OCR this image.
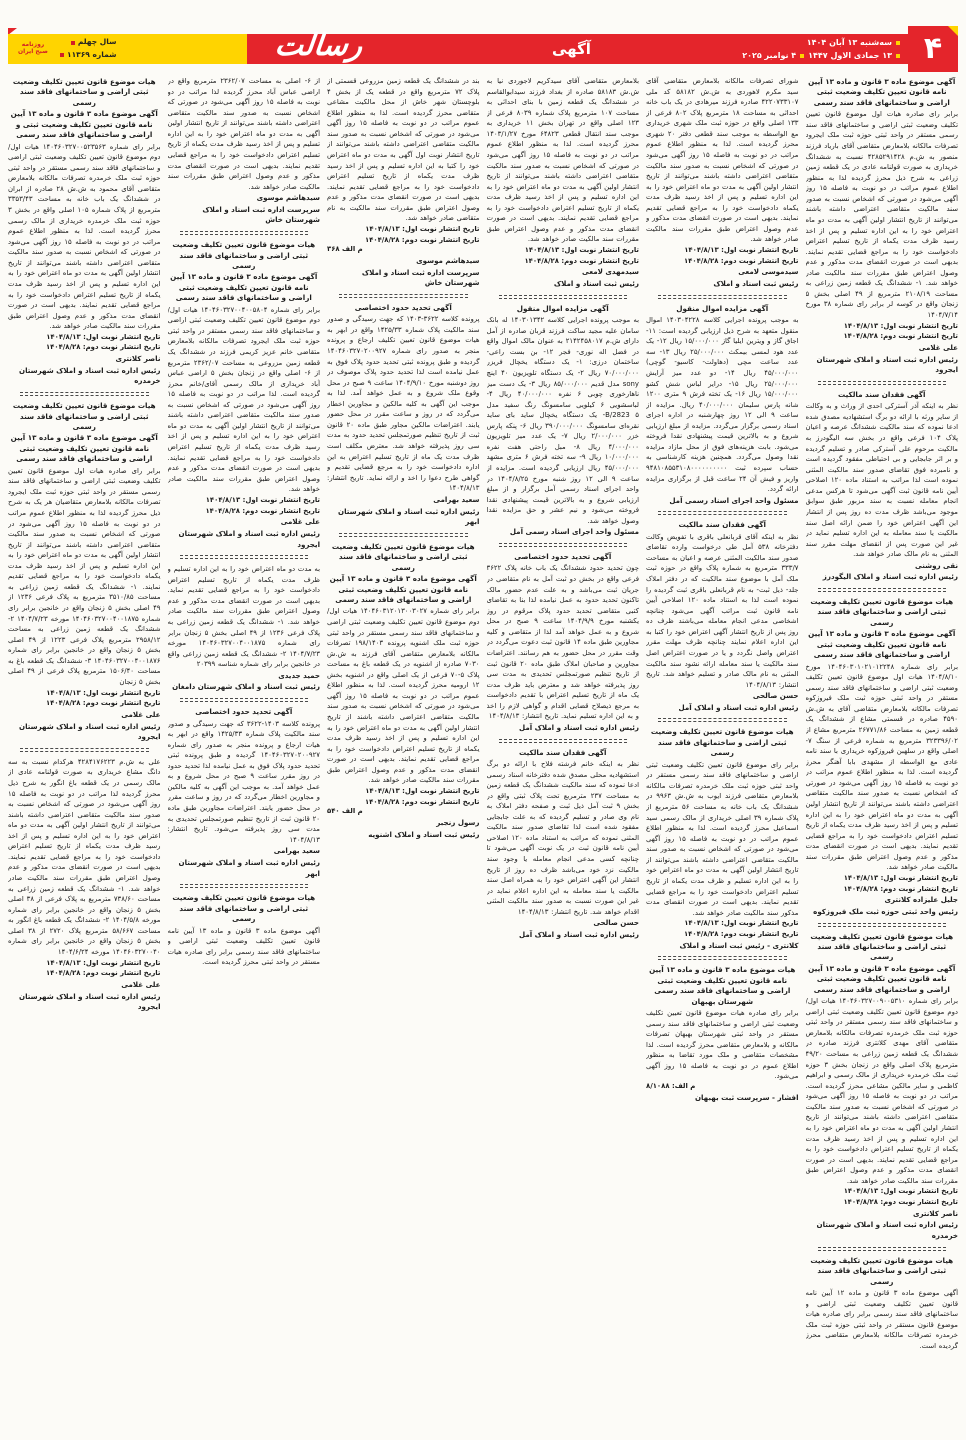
روزنامه صبح ایران
سال چهلم
شماره ۱۱۳۶۹	رسالت	آگهی	سه‌شنبه ۱۳ آبان ۱۴۰۴
۱۳ جمادی الاول ۱۴۴۷
۴ نوامبر ۲۰۲۵	۴
آگهی موضوع ماده ۳ قانون و ماده ۱۳ آیین نامه قانون تعیین تکلیف وضعیت ثبتی اراضی و ساختمانهای فاقد سند رسمی
برابر رای صادره هیات اول موضوع قانون تعیین تکلیف وضعیت ثبتی اراضی و ساختمانهای فاقد سند رسمی مستقر در واحد ثبتی حوزه ثبت ملک ایجرود تصرفات مالکانه بلامعارض متقاضی آقای باریاد فرزند منصور به ش.م ۴۲۸۵۲۹۱۴۲۸ نسبت به ششدانگ خریداری به صورت قولنامه عادی در یک قطعه زمین زراعی به شرح ذیل محرز گردیده لذا به منظور اطلاع عموم مراتب در دو نوبت به فاصله ۱۵ روز آگهی می‌شود در صورتی که اشخاص نسبت به صدور سند مالکیت متقاضی اعتراضی داشته باشند می‌توانند از تاریخ انتشار اولین آگهی به مدت دو ماه اعتراض خود را به این اداره تسلیم و پس از اخذ رسید ظرف مدت یکماه از تاریخ تسلیم اعتراض دادخواست خود را به مراجع قضایی تقدیم نمایند. بدیهی است در صورت انقضای مدت مذکور و عدم وصول اعتراض طبق مقررات سند مالکیت صادر خواهد شد. ۱- ششدانگ یک قطعه زمین زراعی به مساحت ۲۱۰۸/۱۹ مترمربع از ۴۹ اصلی بخش ۵ زنجان واقع در کوسه لر برابر رای شماره ۳۸ مورخ ۱۴۰۴/۷/۱۴
تاریخ انتشار نوبت اول: ۱۴۰۴/۸/۱۳
تاریخ انتشار نوبت دوم: ۱۴۰۴/۸/۲۸
علی غلامی
رئیس اداره ثبت اسناد و املاک شهرستان ایجرود
آگهی فقدان سند مالکیت
نظر به اینکه آذر آسترکی احدی از وراث و به وکالت از سایر ورثه با ارائه دو برگ استشهادیه مصدق شده ادعا نموده که سند مالکیت ششدانگ عرصه و اعیان پلاک ۱۰۴ فرعی واقع در بخش سه الیگودرز به مالکیت مرحوم علی آسترکی صادر و تسلیم گردیده و بر اثر جابجایی و بی احتیاطی مفقود گردیده است و نامبرده فوق تقاضای صدور سند مالکیت المثنی نموده است لذا مراتب به استناد ماده ۱۲۰ اصلاحی آیین نامه قانون ثبت آگهی می‌شود تا هرکس مدعی انجام معامله نسبت به سند مزبور طبق سوابق موجود می‌باشد ظرف مدت ده روز پس از انتشار این آگهی اعتراض خود را ضمن ارائه اصل سند مالکیت یا سند معامله به این اداره تسلیم نماید در غیر این صورت پس از انقضای مهلت مقرر سند المثنی به نام مالک صادر خواهد شد.
نقی روشنی
رئیس اداره ثبت اسناد و املاک الیگودرز
هیات موضوع قانون تعیین تکلیف وضعیت ثبتی اراضی و ساختمانهای فاقد سند رسمی
آگهی موضوع ماده ۳ قانون و ماده ۱۳ آیین نامه قانون تعیین تکلیف وضعیت ثبتی اراضی و ساختمانهای فاقد سند رسمی
برابر رای شماره ۱۴۰۴۶۰۳۰۱۰۲۱۰۱۲۲۴۸ مورخ ۱۴۰۴/۸/۱۰ هیات اول موضوع قانون تعیین تکلیف وضعیت ثبتی اراضی و ساختمانهای فاقد سند رسمی مستقر در واحد ثبتی حوزه ثبت ملک فیروزکوه تصرفات مالکانه بلامعارض متقاضی آقای به ش.ش ۴۵۹۰ صادره در قسمتی مشاع از ششدانگ یک قطعه زمین به مساحت ۲۶۷۷۱/۸۶ مترمربع مشاع از ۳۲۳۳۹۶/۰۲ مترمربع به شماره فرعی از سنگ ۷- اصلی واقع در سلهبن فیروزکوه خریداری با سند نامه عادی مع الواسطه از مشهدی بابا آهنگر محرز گردیده است. لذا به منظور اطلاع عموم مراتب در دو نوبت به فاصله ۱۵ روز آگهی می‌شود در صورتی که اشخاص نسبت به صدور سند مالکیت متقاضی اعتراضی داشته باشند می‌توانند از تاریخ انتشار اولین آگهی به مدت دو ماه اعتراض خود را به این اداره تسلیم و پس از اخذ رسید ظرف مدت یکماه از تاریخ تسلیم اعتراض دادخواست خود را به مراجع قضایی تقدیم نمایند. بدیهی است در صورت انقضای مدت مذکور و عدم وصول اعتراض طبق مقررات سند مالکیت صادر خواهد شد.
تاریخ انتشار نوبت اول: ۱۴۰۴/۸/۱۳
تاریخ انتشار نوبت دوم: ۱۴۰۴/۸/۲۸
جلیل علیزاده کلانتری
رئیس واحد ثبتی حوزه ثبت ملک فیروزکوه
هیات موضوع قانون تعیین تکلیف وضعیت ثبتی اراضی و ساختمانهای فاقد سند رسمی
آگهی موضوع ماده ۳ قانون و ماده ۱۳ آیین نامه قانون تعیین تکلیف وضعیت ثبتی اراضی و ساختمانهای فاقد سند رسمی
برابر رای شماره ۱۴۰۴۶۰۳۲۷۰۰۹۰۰۵۳۱۰ هیات اول/دوم موضوع قانون تعیین تکلیف وضعیت ثبتی اراضی و ساختمانهای فاقد سند رسمی مستقر در واحد ثبتی حوزه ثبت ملک خرمدره تصرفات مالکانه بلامعارض متقاضی آقای مهدی کلانتری فرزند صادره در ششدانگ یک قطعه زمین زراعی به مساحت ۴۹/۲۰ مترمربع پلاک اصلی واقع در زنجان بخش ۳ حوزه ثبت ملک خرمدره خریداری از مالک رسمی و ابراهیم کاظمی و سایر مالکین مشاعی محرز گردیده است. مراتب در دو نوبت به فاصله ۱۵ روز آگهی می‌شود در صورتی که اشخاص نسبت به صدور سند مالکیت متقاضی اعتراضی داشته باشند می‌توانند از تاریخ انتشار اولین آگهی به مدت دو ماه اعتراض خود را به این اداره تسلیم و پس از اخذ رسید ظرف مدت یکماه از تاریخ تسلیم اعتراض دادخواست خود را به مراجع قضایی تقدیم نمایند. بدیهی است در صورت انقضای مدت مذکور و عدم وصول اعتراض طبق مقررات سند مالکیت صادر خواهد شد.
تاریخ انتشار نوبت اول: ۱۴۰۴/۸/۱۳
تاریخ انتشار نوبت دوم: ۱۴۰۴/۸/۲۸
ناصر کلانتری
رئیس اداره ثبت اسناد و املاک شهرستان خرمدره
هیات موضوع قانون تعیین تکلیف وضعیت ثبتی اراضی و ساختمانهای فاقد سند رسمی
آگهی موضوع ماده ۳ قانون و ماده ۱۲ آیین نامه قانون تعیین تکلیف وضعیت ثبتی اراضی و ساختمانهای فاقد سند رسمی برابر رای صادره هیات موضوع قانون مستقر در واحد ثبتی حوزه ثبت ملک خرمدره تصرفات مالکانه بلامعارض متقاضی محرز گردیده است.
شورای تصرفات مالکانه بلامعارض متقاضی آقای سید مکرم لاهوردی به ش.ش ۵۸۱۸۲ کد ملی ۴۲۲۰۷۳۳۱۰۷ صادره فرزند میرهادی در یک باب خانه احداثی به مساحت ۱۸ مترمربع پلاک ۸۰۲ فرعی از ۱۳۳ اصلی واقع در حوزه ثبت ملک شهری خریداری مع الواسطه به موجب سند قطعی دفتر ۲۰ شهری محرز گردیده است. لذا به منظور اطلاع عموم مراتب در دو نوبت به فاصله ۱۵ روز آگهی می‌شود در صورتی که اشخاص نسبت به صدور سند مالکیت متقاضی اعتراضی داشته باشند می‌توانند از تاریخ انتشار اولین آگهی به مدت دو ماه اعتراض خود را به این اداره تسلیم و پس از اخذ رسید ظرف مدت یکماه دادخواست خود را به مراجع قضایی تقدیم نمایند. بدیهی است در صورت انقضای مدت مذکور و عدم وصول اعتراض طبق مقررات سند مالکیت صادر خواهد شد.
تاریخ انتشار نوبت اول: ۱۴۰۴/۸/۱۳
تاریخ انتشار نوبت دوم: ۱۴۰۴/۸/۲۸
سیدموسی لامعی
رئیس ثبت اسناد و املاک
آگهی مزایده اموال منقول
به موجب پرونده اجرایی کلاسه ۱۴۰۳۰۴۲۲۸ اموال منقول متعهد به شرح ذیل ارزیابی گردیده است: ۱۱- اجاق گاز و ویترین ایلیا گاز ۱۵/۰۰۰/۰۰۰ ریال ۱۲- یک عدد هود لمسی بیمکث ۲۵/۰۰۰/۰۰۰ ریال ۱۳- سه عدد ساعت مچی (دهاولت- کاسیو- گوچی) ۴۵/۰۰۰/۰۰۰ ریال ۱۴- دو عدد میز آرایش ۲۵/۰۰۰/۰۰۰ ریال ۱۵- درایر لباس شش کشو ۱۵/۰۰۰/۰۰۰ ریال ۱۶- یک تخته فرش ۹ متری ۱۲۰۰ شانه پارس سلیمان ۴۰/۰۰۰/۰۰۰ ریال. مزایده از ساعت ۹ الی ۱۲ روز چهارشنبه در اداره اجرای اسناد رسمی برگزار می‌گردد. مزایده از مبلغ ارزیابی شروع و به بالاترین قیمت پیشنهادی نقدا فروخته می‌شود. بابت هزینه‌های فوق از محل مازاد مزایده نقدا وصول می‌گردد. همچنین هزینه کارشناسی به حساب سپرده ثبت ۹۴۸۱۰۸۵۵۳۱۰۸۰۰۰۰۰۰۰۰۰۰ واریز و فیش آن ۲۴ ساعت قبل از برگزاری مزایده ارائه گردد.
مسئول واحد اجرای اسناد رسمی آمل
آگهی فقدان سند مالکیت
نظر به اینکه آقای قربانعلی باقری با تفویض وکالت دفترخانه ۵۳۸ آمل طی درخواست وارده تقاضای صدور سند مالکیت المثنی عرصه و اعیان به مساحت ۳۳۳/۷ مترمربع به شماره پلاک واقع در حوزه ثبت ملک آمل با موضوع سند مالکیت که در دفتر املاک جلد- ذیل ثبت- به نام قربانعلی باقری ثبت گردیده را نموده است لذا به استناد ماده ۱۲۰ اصلاحی آیین نامه قانون ثبت مراتب آگهی می‌شود چنانچه اشخاصی مدعی انجام معامله می‌باشند ظرف ده روز پس از تاریخ انتشار آگهی اعتراض خود را کتبا به این اداره اعلام نمایند چنانچه ظرف مهلت مقرر اعتراض واصل نگردد و یا در صورت اعتراض اصل سند مالکیت یا سند معامله ارائه نشود سند مالکیت المثنی به نام مالک صادر و تسلیم خواهد شد. تاریخ انتشار: ۱۴۰۴/۸/۱۳
حسن صالحی
رئیس اداره ثبت اسناد و املاک آمل
هیات موضوع قانون تعیین تکلیف وضعیت ثبتی اراضی و ساختمانهای فاقد سند رسمی
برابر رای موضوع قانون تعیین تکلیف وضعیت ثبتی اراضی و ساختمانهای فاقد سند رسمی مستقر در واحد ثبتی حوزه ثبت ملک خرمدره تصرفات مالکانه بلامعارض متقاضی فرزند ایوب به ش.ش ۹۹۶۳ در ششدانگ یک باب خانه به مساحت ۵۶ مترمربع از پلاک شماره ۳۹ اصلی خریداری از مالک رسمی سید اسماعیل محرز گردیده است. لذا به منظور اطلاع عموم مراتب در دو نوبت به فاصله ۱۵ روز آگهی می‌شود در صورتی که اشخاص نسبت به صدور سند مالکیت متقاضی اعتراضی داشته باشند می‌توانند از تاریخ انتشار اولین آگهی به مدت دو ماه اعتراض خود را به این اداره تسلیم و ظرف مدت یکماه از تاریخ تسلیم اعتراض دادخواست خود را به مراجع قضایی تقدیم نمایند. بدیهی است در صورت انقضای مدت مذکور سند مالکیت صادر خواهد شد.
تاریخ انتشار نوبت اول: ۱۴۰۴/۸/۱۳
تاریخ انتشار نوبت دوم: ۱۴۰۴/۸/۲۸
کلانتری - رئیس ثبت اسناد و املاک
هیات موضوع ماده ۳ قانون و ماده ۱۳ آیین نامه قانون تعیین تکلیف وضعیت ثبتی اراضی و ساختمانهای فاقد سند رسمی شهرستان بهبهان
برابر رای صادره هیات موضوع قانون تعیین تکلیف وضعیت ثبتی اراضی و ساختمانهای فاقد سند رسمی مستقر در واحد ثبتی شهرستان بهبهان تصرفات مالکانه و بلامعارض متقاضی محرز گردیده است. لذا مشخصات متقاضی و ملک مورد تقاضا به منظور اطلاع عموم در دو نوبت به فاصله ۱۵ روز آگهی می‌شود.
م الف: ۸/۱۰۸۸
افشار - سرپرست ثبت بهبهان
بلامعارض متقاضی آقای سیدکریم لاجوردی نیا به ش.ش ۵۸۱۸۳ صادره از بغداد فرزند سیدابوالقاسم در ششدانگ یک قطعه زمین با بنای احداثی به مساحت ۱۰۷ مترمربع پلاک شماره ۸۰۳۹ فرعی از ۱۲۳ اصلی واقع در تهران بخش ۱۱ خریداری به موجب سند انتقال قطعی ۶۴۸۲۳ مورخ ۱۴۰۳/۱/۲۷ محرز گردیده است. لذا به منظور اطلاع عموم مراتب در دو نوبت به فاصله ۱۵ روز آگهی می‌شود در صورتی که اشخاص نسبت به صدور سند مالکیت متقاضی اعتراضی داشته باشند می‌توانند از تاریخ انتشار اولین آگهی به مدت دو ماه اعتراض خود را به این اداره تسلیم و پس از اخذ رسید ظرف مدت یکماه از تاریخ تسلیم اعتراض دادخواست خود را به مراجع قضایی تقدیم نمایند. بدیهی است در صورت انقضای مدت مذکور و عدم وصول اعتراض طبق مقررات سند مالکیت صادر خواهد شد.
تاریخ انتشار نوبت اول: ۱۴۰۴/۸/۱۳
تاریخ انتشار نوبت دوم: ۱۴۰۴/۸/۲۸
سیدمهدی لامعی
رئیس ثبت اسناد و املاک
آگهی مزایده اموال منقول
به موجب پرونده اجرایی کلاسه ۱۴۰۳۰۱۳۴۲ له بانک سامان علیه مجید ساکت فرزند قربان صادره از آمل دارای ش.م ۲۱۴۲۴۵۸۰۱۷ به عنوان مالک اموال واقع در فضل اله نوری- فجر ۱۲- بن بست راعی- ساختمان درزی: ۱- یک دستگاه یخچال فریزر ۷۰/۰۰۰/۰۰۰ ریال ۲- یک دستگاه تلویزیون ۴۰ اینچ sony مدل قدیم ۸۵/۰۰۰/۰۰۰ ریال ۳- یک دست میز ناهارخوری چوبی ۶ نفره ۴۰/۰۰۰/۰۰۰ ریال ۴- لباسشویی ۶ کیلویی سامسونگ رنگ سفید مدل B/2823 ۵- یک دستگاه یخچال ساید بای ساید نقره‌ای سامسونگ ۳۹۰/۰۰۰/۰۰۰ ریال ۶- پنکه پارس خزر ۲/۰۰۰/۰۰۰ ریال ۷- یک عدد میز تلویزیون ۴/۰۰۰/۰۰۰ ریال ۸- مبل راحتی هفت نفره ۱۰/۰۰۰/۰۰۰ ریال ۹- سه تخته فرش ۶ متری مشهد ۴۵/۰۰۰/۰۰۰ ریال ارزیابی گردیده است. مزایده از ساعت ۹ الی ۱۲ روز شنبه مورخ ۱۴۰۴/۸/۲۵ در واحد اجرای اسناد رسمی آمل برگزار و از مبلغ ارزیابی شروع و به بالاترین قیمت پیشنهادی نقدا فروخته می‌شود و نیم عشر و حق مزایده نقدا وصول خواهد شد.
مسئول واحد اجرای اسناد رسمی آمل
آگهی تحدید حدود اختصاصی
چون تحدید حدود ششدانگ یک باب خانه پلاک ۳۶۲۲ فرعی واقع در بخش دو ثبت آمل به نام متقاضی در جریان ثبت می‌باشد و به علت عدم حضور مالک تاکنون تحدید حدود به عمل نیامده لذا بنا به تقاضای کتبی متقاضی تحدید حدود پلاک مرقوم در روز یکشنبه مورخ ۱۴۰۴/۹/۹ ساعت ۹ صبح در محل شروع و به عمل خواهد آمد لذا از متقاضی و کلیه مجاورین طبق ماده ۱۴ قانون ثبت دعوت می‌گردد در وقت مقرر در محل حضور به هم رسانند. اعتراضات مجاورین و صاحبان املاک طبق ماده ۲۰ قانون ثبت از تاریخ تنظیم صورتمجلس تحدیدی به مدت سی روز پذیرفته خواهد شد و معترض باید ظرف مدت یک ماه از تاریخ تسلیم اعتراض با تقدیم دادخواست به مرجع ذیصلاح قضایی اقدام و گواهی لازم را اخذ و به این اداره تسلیم نماید. تاریخ انتشار: ۱۴۰۴/۸/۱۳
رئیس اداره ثبت اسناد و املاک آمل
آگهی فقدان سند مالکیت
نظر به اینکه خانم فرشته فلاح با ارائه دو برگ استشهادیه محلی مصدق شده دفترخانه اسناد رسمی ادعا نموده که سند مالکیت ششدانگ یک قطعه زمین به مساحت ۲۳۷ مترمربع تحت پلاک ثبتی واقع در بخش ۹ ثبت آمل ذیل ثبت و صفحه دفتر املاک به نام وی صادر و تسلیم گردیده که به علت جابجایی مفقود شده است لذا تقاضای صدور سند مالکیت المثنی نموده که مراتب به استناد ماده ۱۲۰ اصلاحی آیین نامه قانون ثبت در یک نوبت آگهی می‌شود تا چنانچه کسی مدعی انجام معامله یا وجود سند مالکیت نزد خود می‌باشد ظرف ده روز از تاریخ انتشار این آگهی اعتراض خود را به همراه اصل سند مالکیت یا سند معامله به این اداره اعلام نماید در غیر این صورت نسبت به صدور سند مالکیت المثنی اقدام خواهد شد. تاریخ انتشار: ۱۴۰۴/۸/۱۳
حسن صالحی
رئیس اداره ثبت اسناد و املاک آمل
بند در ششدانگ یک قطعه زمین مزروعی قسمتی از پلاک ۷۲ مترمربع واقع در قطعه یک از بخش ۴ بلوچستان شهر خاش از محل مالکیت مشاعی متقاضی محرز گردیده است. لذا به منظور اطلاع عموم مراتب در دو نوبت به فاصله ۱۵ روز آگهی می‌شود در صورتی که اشخاص نسبت به صدور سند مالکیت متقاضی اعتراضی داشته باشند می‌توانند از تاریخ انتشار نوبت اول آگهی به مدت دو ماه اعتراض خود را کتبا به این اداره تسلیم و پس از اخذ رسید ظرف مدت یکماه از تاریخ تسلیم اعتراض دادخواست خود را به مراجع قضایی تقدیم نمایند. بدیهی است در صورت انقضای مدت مذکور و عدم وصول اعتراض طبق مقررات سند مالکیت به نام متقاضی صادر خواهد شد.
تاریخ انتشار نوبت اول: ۱۴۰۴/۸/۱۳
تاریخ انتشار نوبت دوم: ۱۴۰۴/۸/۲۸
م الف ۳۶۸
سیدهاشم موسوی
سرپرست اداره ثبت اسناد و املاک شهرستان خاش
آگهی تحدید حدود اختصاصی
پرونده کلاسه ۳۶۲۲-۱۴۰۳ که جهت رسیدگی و صدور سند مالکیت پلاک شماره ۱۴۲۵/۳۳ واقع در ابهر به هیات موضوع قانون تعیین تکلیف ارجاع و پرونده منجر به صدور رای شماره ۱۴۰۴۶۰۳۲۷۰۲۰۰۹۲۷ گردیده و طبق پرونده ثبتی تحدید حدود پلاک فوق به عمل نیامده است لذا تحدید حدود پلاک موصوف در روز دوشنبه مورخ ۱۴۰۴/۹/۱۰ ساعت ۹ صبح در محل وقوع ملک شروع و به عمل خواهد آمد. لذا به موجب این آگهی به کلیه مالکین و مجاورین اخطار می‌گردد که در روز و ساعت مقرر در محل حضور یابند. اعتراضات مالکین مجاور طبق ماده ۲۰ قانون ثبت از تاریخ تنظیم صورتمجلس تحدید حدود به مدت سی روز پذیرفته خواهد شد. معترض مکلف است ظرف مدت یک ماه از تاریخ تسلیم اعتراض به این اداره دادخواست خود را به مرجع قضایی تقدیم و گواهی طرح دعوا را اخذ و ارائه نماید. تاریخ انتشار: ۱۴۰۴/۸/۱۳
سعید بهرامی
رئیس اداره ثبت اسناد و املاک شهرستان ابهر
هیات موضوع قانون تعیین تکلیف وضعیت ثبتی اراضی و ساختمانهای فاقد سند رسمی
آگهی موضوع ماده ۳ قانون و ماده ۱۳ آیین نامه قانون تعیین تکلیف وضعیت ثبتی اراضی و ساختمانهای فاقد سند رسمی
برابر رای شماره ۱۴۰۴۶۰۳۱۲۰۱۳۰۰۳۰۲۷ هیات اول/دوم موضوع قانون تعیین تکلیف وضعیت ثبتی اراضی و ساختمانهای فاقد سند رسمی مستقر در واحد ثبتی حوزه ثبت ملک اشنویه پرونده ۱۹۸/۱۴۰۳ تصرفات مالکانه بلامعارض متقاضی آقای فرزند به ش.ش ۷۰۳۰ صادره از اشنویه در یک قطعه باغ به مساحت پلاک ۵-۷۰ فرعی از یک اصلی واقع در اشنویه بخش ۱۲ ارومیه محرز گردیده است. لذا به منظور اطلاع عموم مراتب در دو نوبت به فاصله ۱۵ روز آگهی می‌شود در صورتی که اشخاص نسبت به صدور سند مالکیت متقاضی اعتراضی داشته باشند از تاریخ انتشار اولین آگهی به مدت دو ماه اعتراض خود را به این اداره تسلیم و پس از اخذ رسید ظرف مدت یکماه از تاریخ تسلیم اعتراض دادخواست خود را به مراجع قضایی تقدیم نمایند. بدیهی است در صورت انقضای مدت مذکور و عدم وصول اعتراض طبق مقررات سند مالکیت صادر خواهد شد.
تاریخ انتشار نوبت اول: ۱۴۰۴/۸/۱۳
تاریخ انتشار نوبت دوم: ۱۴۰۴/۸/۲۸
م الف ۵۴۰
رسول رنجبر
رئیس ثبت اسناد و املاک اشنویه
از ۶- اصلی به مساحت ۲۳۶۲/۰۷ مترمربع واقع در اراضی عباس آباد محرز گردیده لذا مراتب در دو نوبت به فاصله ۱۵ روز آگهی می‌شود در صورتی که اشخاص نسبت به صدور سند مالکیت متقاضی اعتراضی داشته باشند می‌توانند از تاریخ انتشار اولین آگهی به مدت دو ماه اعتراض خود را به این اداره تسلیم و پس از اخذ رسید ظرف مدت یکماه از تاریخ تسلیم اعتراض دادخواست خود را به مراجع قضایی تقدیم نمایند. بدیهی است در صورت انقضای مدت مذکور و عدم وصول اعتراض طبق مقررات سند مالکیت صادر خواهد شد.
سیدهاشم موسوی
سرپرست اداره ثبت اسناد و املاک شهرستان خاش
هیات موضوع قانون تعیین تکلیف وضعیت ثبتی اراضی و ساختمانهای فاقد سند رسمی
آگهی موضوع ماده ۳ قانون و ماده ۱۳ آیین نامه قانون تعیین تکلیف وضعیت ثبتی اراضی و ساختمانهای فاقد سند رسمی
برابر رای شماره ۱۴۰۴۶۰۳۲۷۰۰۴۰۰۵۸۰۴ هیات اول/دوم موضوع قانون تعیین تکلیف وضعیت ثبتی اراضی و ساختمانهای فاقد سند رسمی مستقر در واحد ثبتی حوزه ثبت ملک ایجرود تصرفات مالکانه بلامعارض متقاضی خانم عزیز کریمی فرزند در ششدانگ یک قطعه زمین مزروعی به مساحت ۲۳۶۲/۰۷ مترمربع از ۶- اصلی واقع در زنجان بخش ۵ اراضی عباس آباد خریداری از مالک رسمی آقای/خانم محرز گردیده است. لذا مراتب در دو نوبت به فاصله ۱۵ روز آگهی می‌شود در صورتی که اشخاص نسبت به صدور سند مالکیت متقاضی اعتراضی داشته باشند می‌توانند از تاریخ انتشار اولین آگهی به مدت دو ماه اعتراض خود را به این اداره تسلیم و پس از اخذ رسید ظرف مدت یکماه از تاریخ تسلیم اعتراض دادخواست خود را به مراجع قضایی تقدیم نمایند. بدیهی است در صورت انقضای مدت مذکور و عدم وصول اعتراض طبق مقررات سند مالکیت صادر خواهد شد.
تاریخ انتشار نوبت اول: ۱۴۰۴/۸/۱۳
تاریخ انتشار نوبت دوم: ۱۴۰۴/۸/۲۸
علی غلامی
رئیس اداره ثبت اسناد و املاک شهرستان ایجرود
به مدت دو ماه اعتراض خود را به این اداره تسلیم و ظرف مدت یکماه از تاریخ تسلیم اعتراض دادخواست خود را به مراجع قضایی تقدیم نماید. بدیهی است در صورت انقضای مدت مذکور و عدم وصول اعتراض طبق مقررات سند مالکیت صادر خواهد شد. ۱- ششدانگ یک قطعه زمین زراعی به پلاک فرعی ۱۲۳۶ از ۴۹ اصلی بخش ۵ زنجان برابر رای شماره ۱۴۰۴۶۰۳۲۷۰۰۴۰۰۱۸۷۵ مورخه ۱۴۰۴/۷/۲۳ ۲- ششدانگ یک قطعه زمین زراعی واقع در خانجین برابر رای شماره شناسه ۲۰۳۹۹
حمید جدیدی
رئیس ثبت اسناد و املاک شهرستان دامغان
آگهی تحدید حدود اختصاصی
پرونده کلاسه ۱۴۰۳-۳۶۲۲ که جهت رسیدگی و صدور سند مالکیت پلاک شماره ۱۴۲۵/۳۳ واقع در ابهر به هیات ارجاع و پرونده منجر به صدور رای شماره ۱۴۰۴۶۰۳۲۷۰۲۰۰۹۲۷ گردیده و طبق پرونده ثبتی تحدید حدود پلاک فوق به عمل نیامده لذا تحدید حدود در روز مقرر ساعت ۹ صبح در محل شروع و به عمل خواهد آمد. به موجب این آگهی به کلیه مالکین و مجاورین اخطار می‌گردد که در روز و ساعت مقرر در محل حضور یابند. اعتراضات مجاورین طبق ماده ۲۰ قانون ثبت از تاریخ تنظیم صورتمجلس تحدیدی به مدت سی روز پذیرفته می‌شود. تاریخ انتشار: ۱۴۰۴/۸/۱۳
سعید بهرامی
رئیس اداره ثبت اسناد و املاک شهرستان ابهر
هیات موضوع قانون تعیین تکلیف وضعیت ثبتی اراضی و ساختمانهای فاقد سند رسمی
آگهی موضوع ماده ۳ قانون و ماده ۱۳ آیین نامه قانون تعیین تکلیف وضعیت ثبتی اراضی و ساختمانهای فاقد سند رسمی برابر رای صادره هیات مستقر در واحد ثبتی محرز گردیده است.
هیات موضوع قانون تعیین تکلیف وضعیت ثبتی اراضی و ساختمانهای فاقد سند رسمی
آگهی موضوع ماده ۳ قانون و ماده ۱۳ آیین نامه قانون تعیین تکلیف وضعیت ثبتی و اراضی و ساختمانهای فاقد سند رسمی
برابر رای شماره ۱۴۰۴۶۰۳۲۷۰۰۵۲۳۵۶۳ هیات اول/دوم موضوع قانون تعیین تکلیف وضعیت ثبتی اراضی و ساختمانهای فاقد سند رسمی مستقر در واحد ثبتی حوزه ثبت ملک خرمدره تصرفات مالکانه بلامعارض متقاضی آقای محمود به ش.ش ۲۸ صادره از ابران در ششدانگ یک باب خانه به مساحت ۳۳۵۳/۴۳ مترمربع از پلاک شماره ۱۰۵ اصلی واقع در بخش ۳ حوزه ثبت ملک خرمدره خریداری از مالک رسمی محرز گردیده است. لذا به منظور اطلاع عموم مراتب در دو نوبت به فاصله ۱۵ روز آگهی می‌شود در صورتی که اشخاص نسبت به صدور سند مالکیت متقاضی اعتراضی داشته باشند می‌توانند از تاریخ انتشار اولین آگهی به مدت دو ماه اعتراض خود را به این اداره تسلیم و پس از اخذ رسید ظرف مدت یکماه از تاریخ تسلیم اعتراض دادخواست خود را به مراجع قضایی تقدیم نمایند. بدیهی است در صورت انقضای مدت مذکور و عدم وصول اعتراض طبق مقررات سند مالکیت صادر خواهد شد.
تاریخ انتشار نوبت اول: ۱۴۰۴/۸/۱۳
تاریخ انتشار نوبت دوم: ۱۴۰۴/۸/۲۸
ناصر کلانتری
رئیس اداره ثبت اسناد و املاک شهرستان خرمدره
هیات موضوع قانون تعیین تکلیف وضعیت ثبتی اراضی و ساختمانهای فاقد سند رسمی
آگهی موضوع ماده ۳ قانون و ماده ۱۳ آیین نامه قانون تعیین تکلیف وضعیت ثبتی اراضی و ساختمانهای فاقد سند رسمی
برابر رای صادره هیات اول موضوع قانون تعیین تکلیف وضعیت ثبتی اراضی و ساختمانهای فاقد سند رسمی مستقر در واحد ثبتی حوزه ثبت ملک ایجرود تصرفات مالکانه بلامعارض متقاضیان هر یک به شرح ذیل محرز گردیده لذا به منظور اطلاع عموم مراتب در دو نوبت به فاصله ۱۵ روز آگهی می‌شود در صورتی که اشخاص نسبت به صدور سند مالکیت متقاضی اعتراضی داشته باشند می‌توانند از تاریخ انتشار اولین آگهی به مدت دو ماه اعتراض خود را به این اداره تسلیم و پس از اخذ رسید ظرف مدت یکماه دادخواست خود را به مراجع قضایی تقدیم نمایند. ۱- ششدانگ یک قطعه زمین زراعی به مساحت ۳۵۱۰/۸۵ مترمربع به پلاک فرعی ۱۲۳۶ از ۴۹ اصلی بخش ۵ زنجان واقع در خانجین برابر رای شماره ۱۴۰۴۶۰۳۲۷۰۰۴۰۰۱۸۷۵ مورخه ۱۴۰۴/۷/۲۳ ۲- ششدانگ یک قطعه زمین زراعی به مساحت ۲۹۵۸/۱۲ مترمربع پلاک فرعی ۱۲۲۳ از ۴۹ اصلی بخش ۵ زنجان واقع در خانجین برابر رای شماره ۱۴۰۴۶۰۳۲۷۰۰۴۰۰۱۸۷۶ ۳- ششدانگ یک قطعه باغ به مساحت ۱۵۰۶/۴۰ مترمربع پلاک فرعی از ۴۹ اصلی بخش ۵ زنجان
تاریخ انتشار نوبت اول: ۱۴۰۴/۸/۱۳
تاریخ انتشار نوبت دوم: ۱۴۰۴/۸/۲۸
علی غلامی
رئیس اداره ثبت اسناد و املاک شهرستان ایجرود
علی به ش.م ۴۲۸۴۱۷۶۲۲۳ هرکدام نسبت به سه دانگ مشاع خریداری به صورت قولنامه عادی از مالک رسمی در یک قطعه باغ انگور به شرح ذیل محرز گردیده لذا مراتب در دو نوبت به فاصله ۱۵ روز آگهی می‌شود در صورتی که اشخاص نسبت به صدور سند مالکیت متقاضی اعتراضی داشته باشند می‌توانند از تاریخ انتشار اولین آگهی به مدت دو ماه اعتراض خود را به این اداره تسلیم و پس از اخذ رسید ظرف مدت یکماه از تاریخ تسلیم اعتراض دادخواست خود را به مراجع قضایی تقدیم نمایند. بدیهی است در صورت انقضای مدت مذکور و عدم وصول اعتراض طبق مقررات سند مالکیت صادر خواهد شد. ۱- ششدانگ یک قطعه زمین زراعی به مساحت ۷۳۸/۶۰ مترمربع به پلاک فرعی از ۳۸ اصلی بخش ۵ زنجان واقع در خانجین برابر رای شماره مورخه ۱۴۰۴/۵/۸ ۲- ششدانگ یک قطعه باغ انگور به مساحت ۵۸/۶۶۷ مترمربع پلاک ۲۷۲۰ از ۳۸ اصلی بخش ۵ زنجان واقع در خانجین برابر رای شماره ۱۴۰۴۶۰۳۲۷۰۰۴۰ مورخه ۱۴۰۴/۶/۲۴
تاریخ انتشار نوبت اول: ۱۴۰۴/۸/۱۳
تاریخ انتشار نوبت دوم: ۱۴۰۴/۸/۲۸
علی غلامی
رئیس اداره ثبت اسناد و املاک شهرستان ایجرود
